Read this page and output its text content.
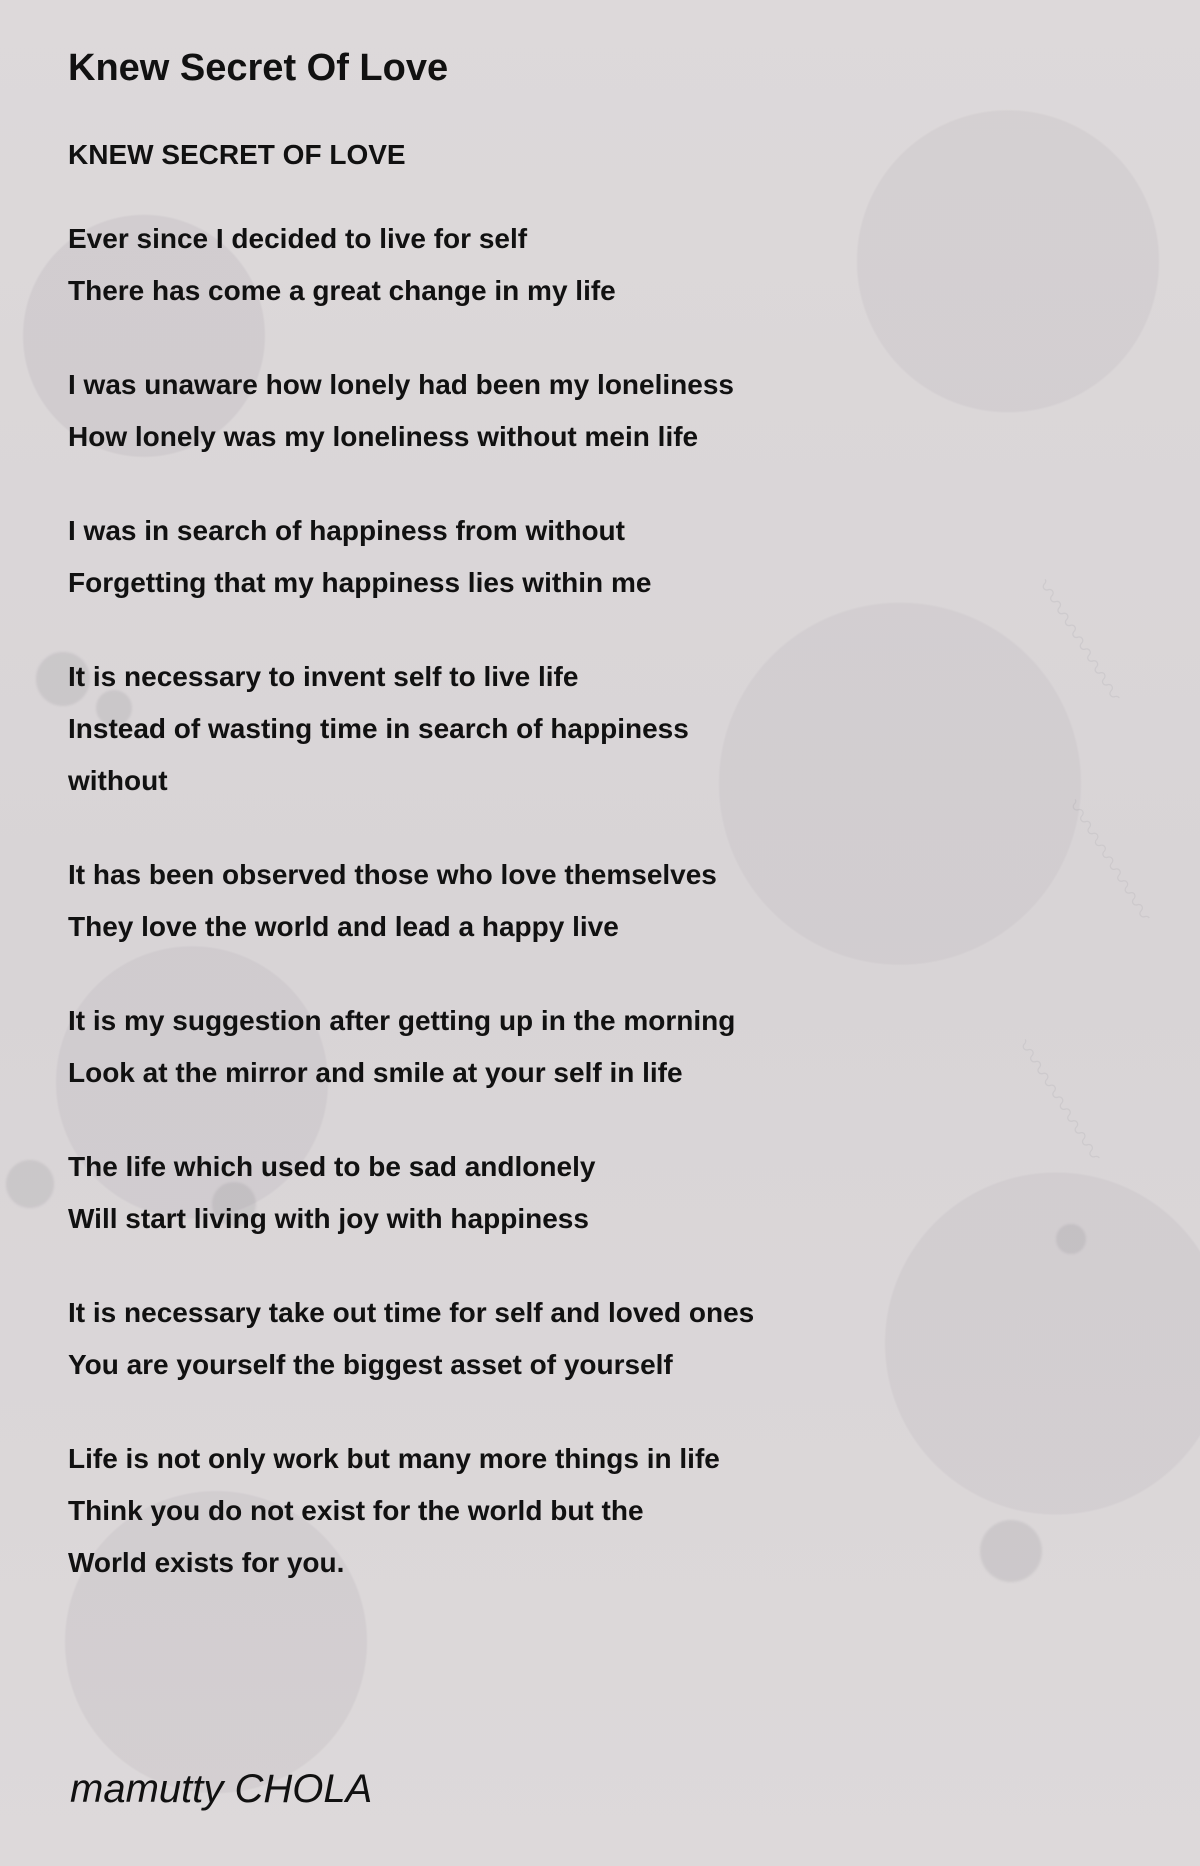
〰〰〰〰〰
〰〰〰〰〰
〰〰〰〰〰
Knew Secret Of Love
KNEW SECRET OF LOVE
Ever since I decided to live for self
There has come a great change in my life
I was unaware how lonely had been my loneliness
How lonely was my loneliness without mein life
I was in search of happiness from without
Forgetting that my happiness lies within me
It is necessary to invent self to live life
Instead of wasting time in search of happiness
without
It has been observed those who love themselves
They love the world and lead a happy live
It is my suggestion after getting up in the morning
Look at the mirror and smile at your self in life
The life which used to be sad andlonely
Will start living with joy with happiness
It is necessary take out time for self and loved ones
You are yourself the biggest asset of yourself
Life is not only work but many more things in life
Think you do not exist for the world but the
World exists for you.
mamutty CHOLA
